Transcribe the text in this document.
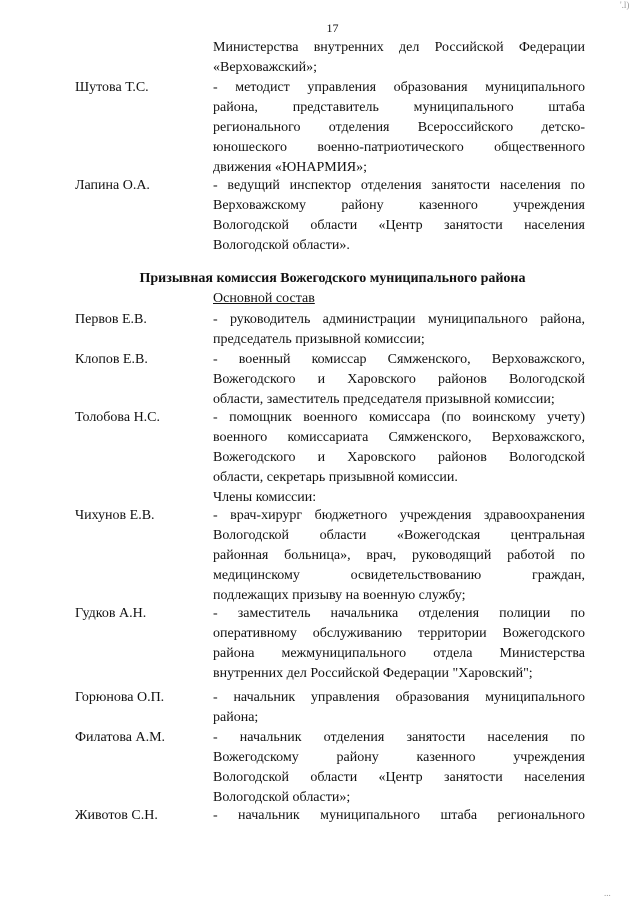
17
'.l)
Министерства внутренних дел Российской Федерации
«Верховажский»;
Шутова Т.С.	- методист управления образования муниципального
района, представитель муниципального штаба
регионального отделения Всероссийского детско-
юношеского военно-патриотического общественного
движения «ЮНАРМИЯ»;
Лапина О.А.	- ведущий инспектор отделения занятости населения по
Верховажскому району казенного учреждения
Вологодской области «Центр занятости населения
Вологодской области».
Призывная комиссия Вожегодского муниципального района
Основной состав
Первов Е.В.	- руководитель администрации муниципального района,
председатель призывной комиссии;
Клопов Е.В.	- военный комиссар Сямженского, Верховажского,
Вожегодского и Харовского районов Вологодской
области, заместитель председателя призывной комиссии;
Толобова Н.С.	- помощник военного комиссара (по воинскому учету)
военного комиссариата Сямженского, Верховажского,
Вожегодского и Харовского районов Вологодской
области, секретарь призывной комиссии.
Члены комиссии:
Чихунов Е.В.	- врач-хирург бюджетного учреждения здравоохранения
Вологодской области «Вожегодская центральная
районная больница», врач, руководящий работой по
медицинскому освидетельствованию граждан,
подлежащих призыву на военную службу;
Гудков А.Н.	- заместитель начальника отделения полиции по
оперативному обслуживанию территории Вожегодского
района межмуниципального отдела Министерства
внутренних дел Российской Федерации "Харовский";
Горюнова О.П.	- начальник управления образования муниципального
района;
Филатова А.М.	- начальник отделения занятости населения по
Вожегодскому району казенного учреждения
Вологодской области «Центр занятости населения
Вологодской области»;
Животов С.Н.	- начальник муниципального штаба регионального
...
